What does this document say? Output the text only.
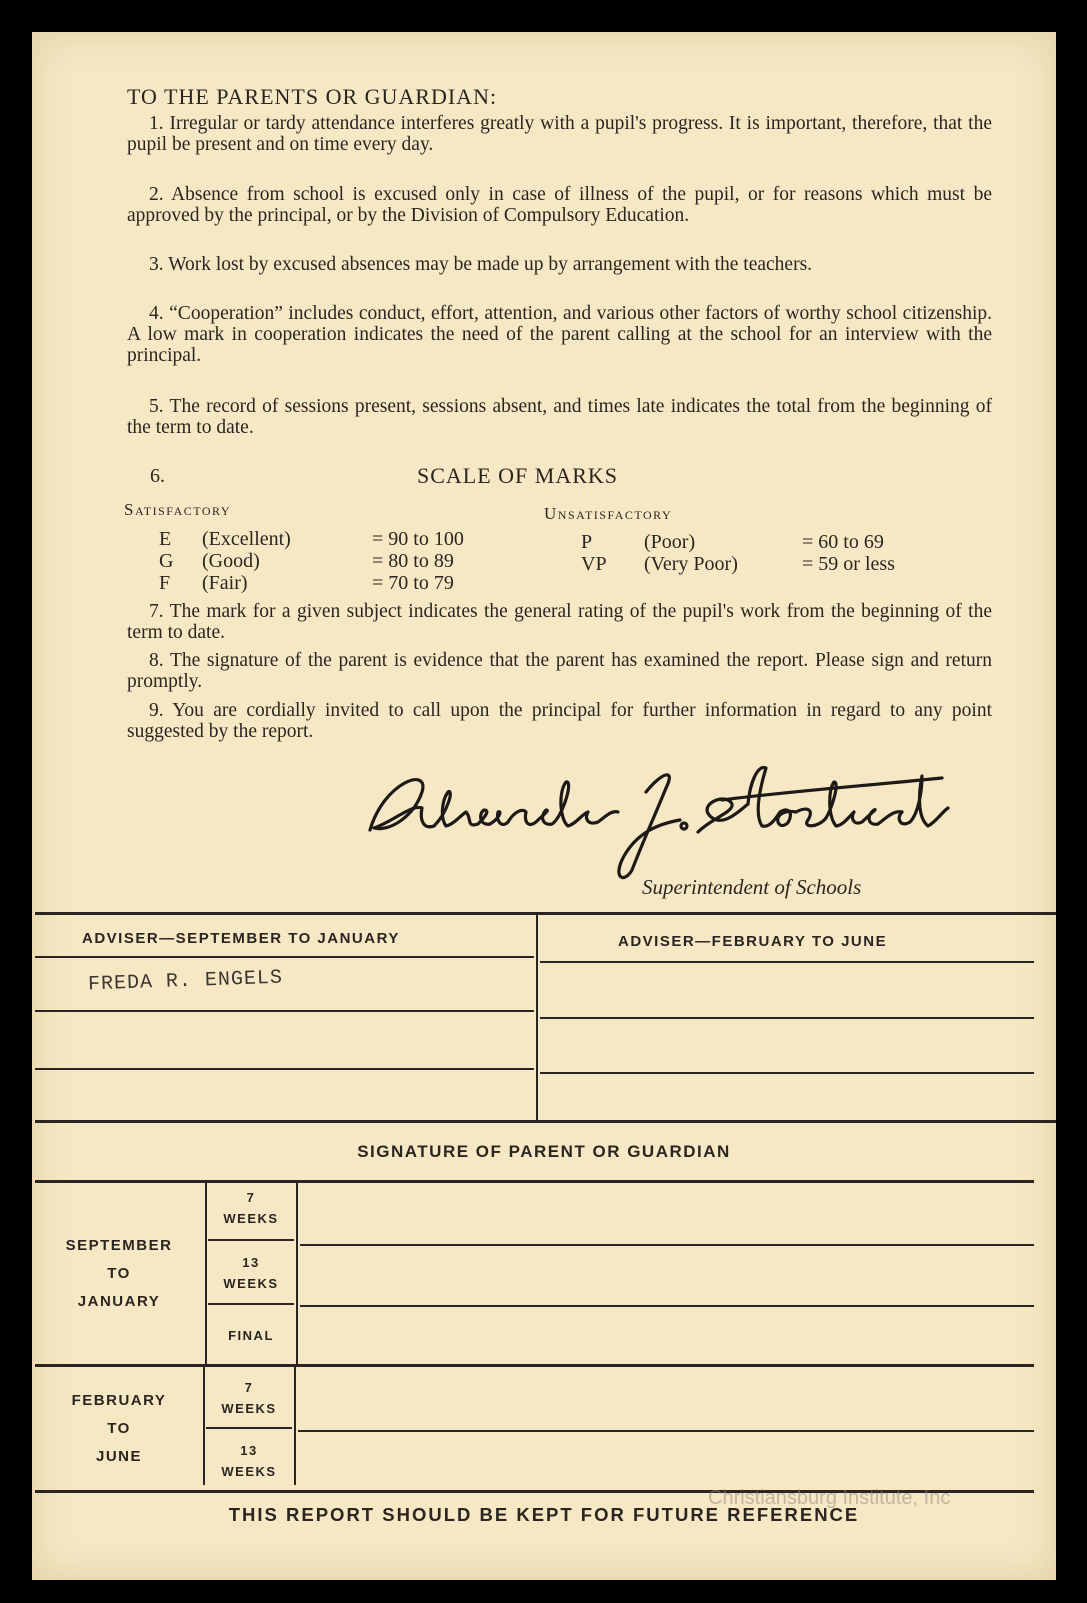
TO THE PARENTS OR GUARDIAN:

1. Irregular or tardy attendance interferes greatly with a pupil's progress. It is important, therefore, that the pupil be present and on time every day.

2. Absence from school is excused only in case of illness of the pupil, or for reasons which must be approved by the principal, or by the Division of Compulsory Education.

3. Work lost by excused absences may be made up by arrangement with the teachers.

4. “Cooperation” includes conduct, effort, attention, and various other factors of worthy school citizenship. A low mark in cooperation indicates the need of the parent calling at the school for an interview with the principal.

5. The record of sessions present, sessions absent, and times late indicates the total from the beginning of the term to date.

6.	SCALE OF MARKS
Satisfactory	Unsatisfactory
E (Excellent)	= 90 to 100
G (Good)	= 80 to 89
F (Fair)	= 70 to 79
P	(Poor)	= 60 to 69
VP (Very Poor)	= 59 or less

7. The mark for a given subject indicates the general rating of the pupil's work from the beginning of the term to date.

8. The signature of the parent is evidence that the parent has examined the report. Please sign and return promptly.

9. You are cordially invited to call upon the principal for further information in regard to any point suggested by the report.

Superintendent of Schools
ADVISER—SEPTEMBER TO JANUARY	ADVISER—FEBRUARY TO JUNE
FREDA R. ENGELS
SIGNATURE OF PARENT OR GUARDIAN
SEPTEMBER
TO
JANUARY
7
WEEKS
13
WEEKS
FINAL
FEBRUARY
TO
JUNE
7
WEEKS
13
WEEKS
THIS REPORT SHOULD BE KEPT FOR FUTURE REFERENCE
Christiansburg Institute, Inc
